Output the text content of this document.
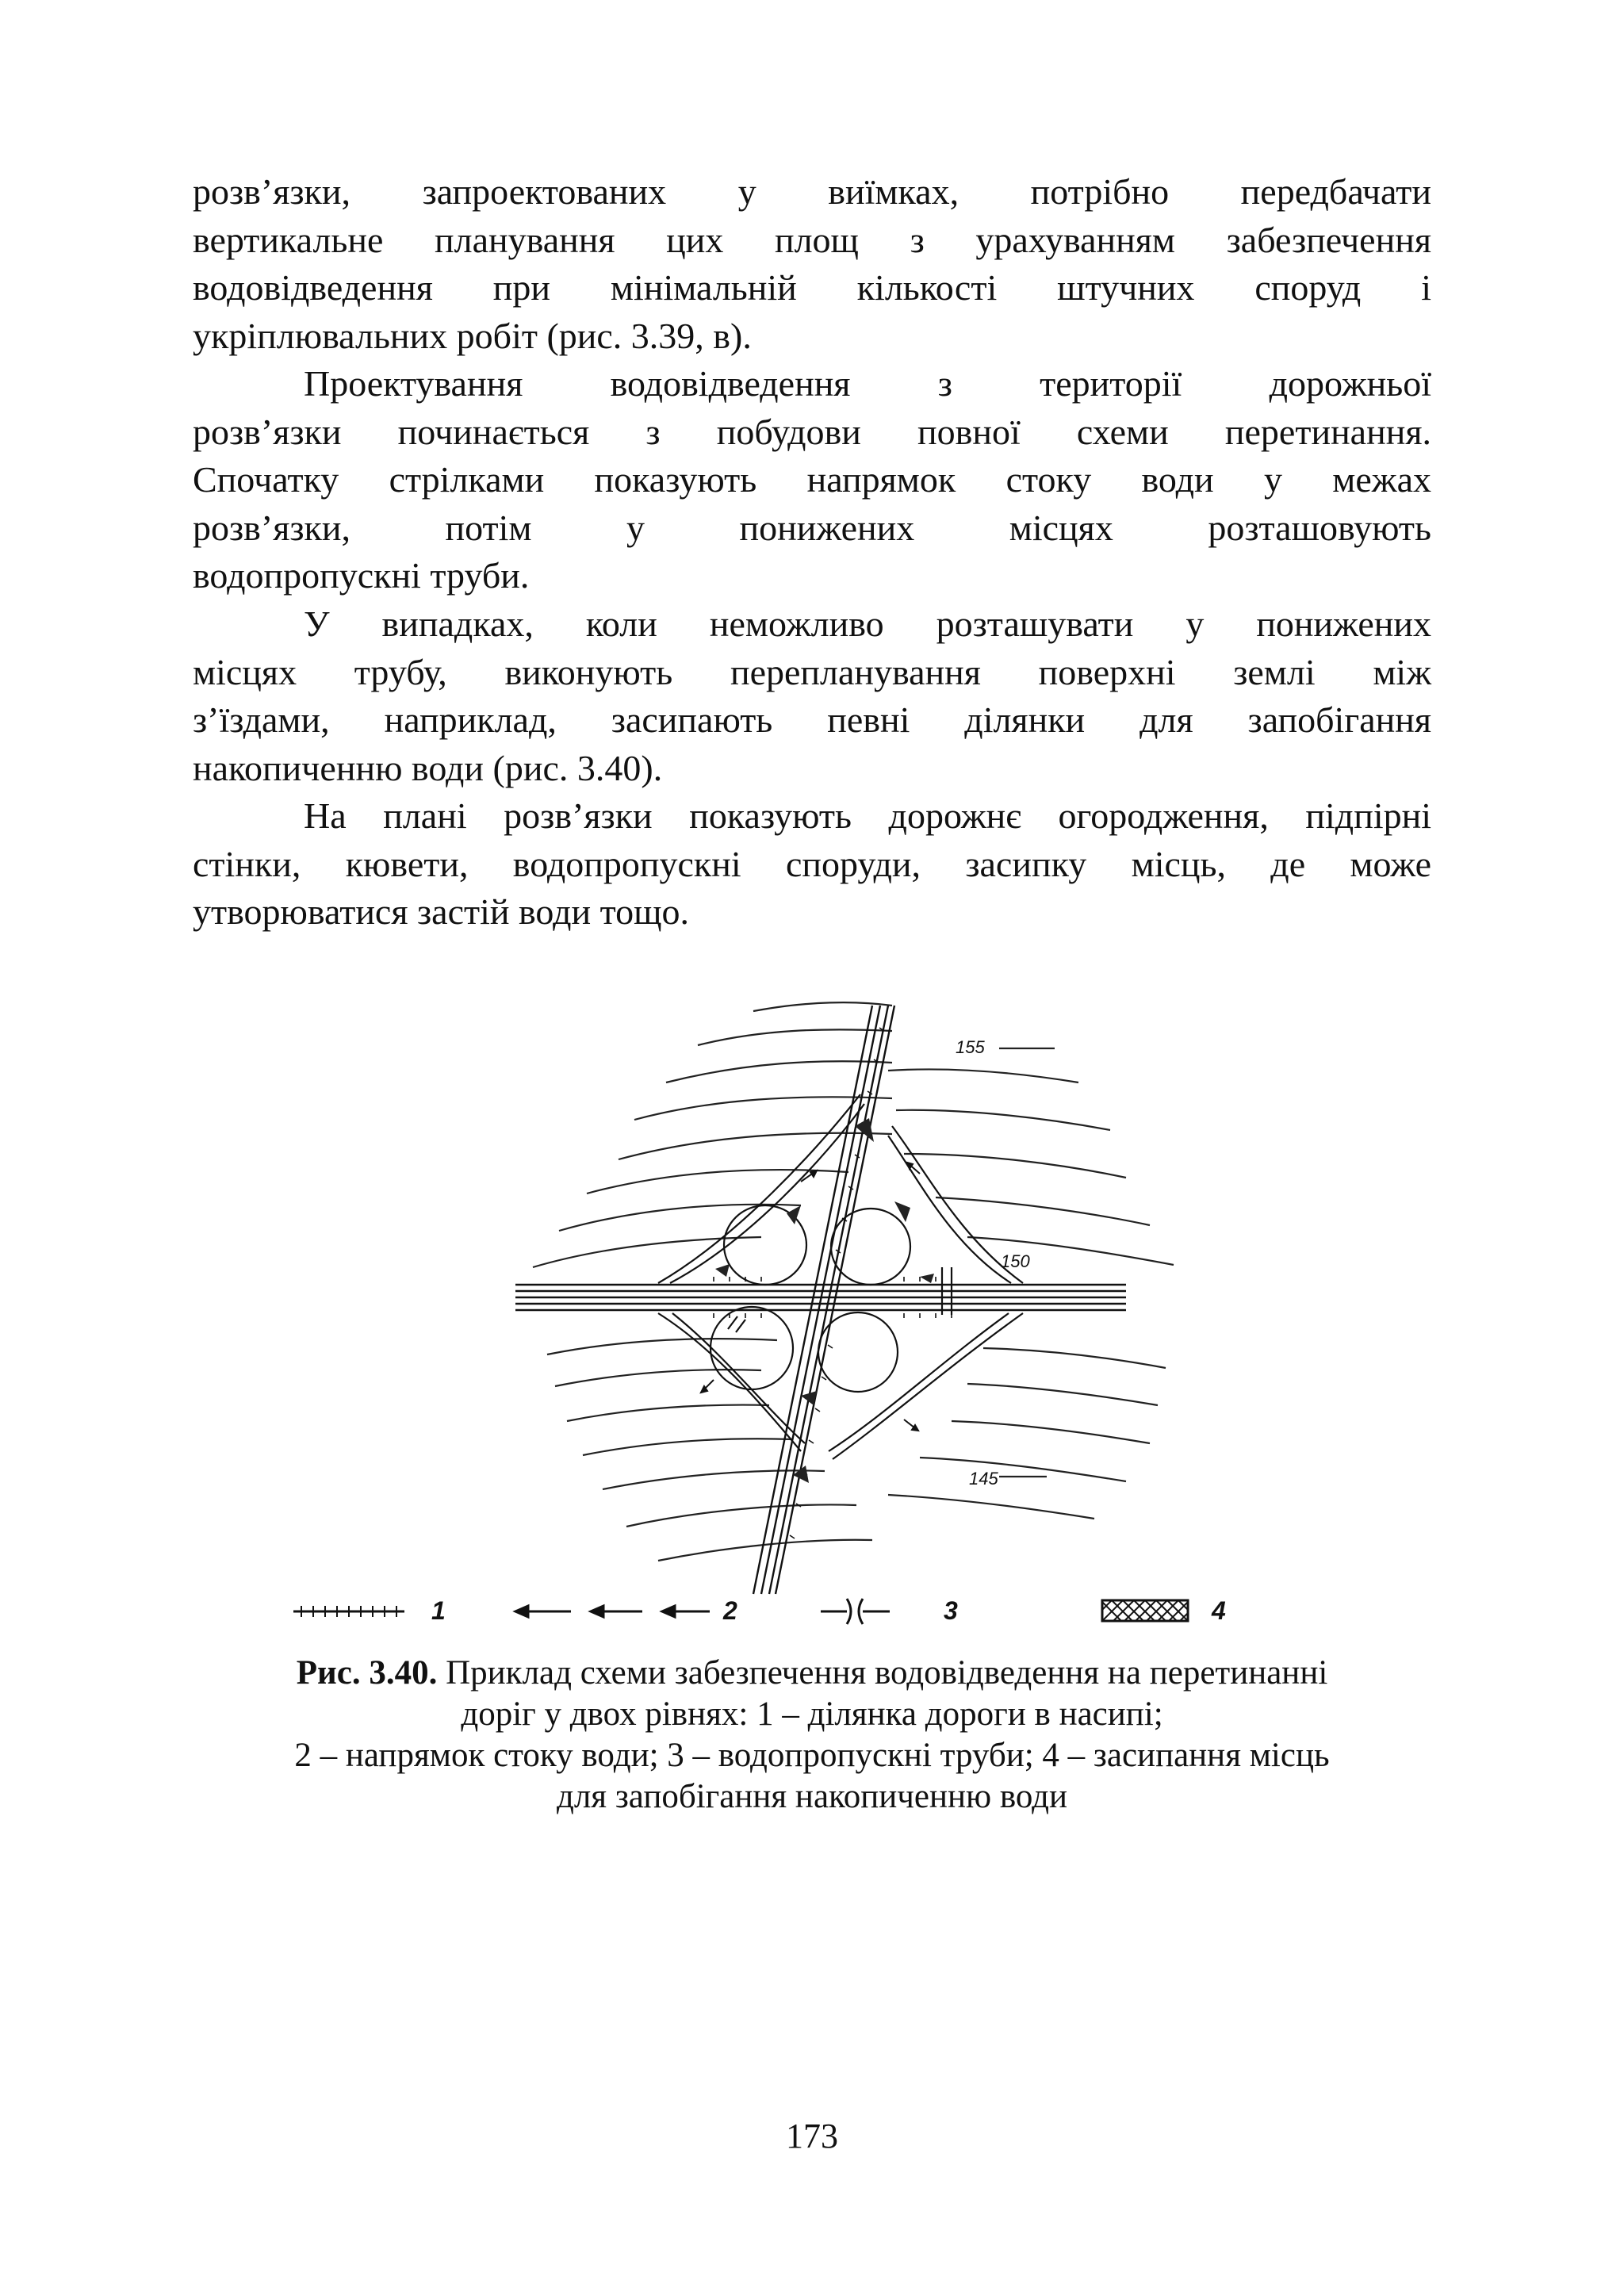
розв’язки, запроектованих у виїмках, потрібно передбачати
вертикальне планування цих площ з урахуванням забезпечення
водовідведення при мінімальній кількості штучних споруд і
укріплювальних робіт (рис. 3.39, в).
Проектування водовідведення з території дорожньої
розв’язки починається з побудови повної схеми перетинання.
Спочатку стрілками показують напрямок стоку води у межах
розв’язки, потім у понижених місцях розташовують
водопропускні труби.
У випадках, коли неможливо розташувати у понижених
місцях трубу, виконують перепланування поверхні землі між
з’їздами, наприклад, засипають певні ділянки для запобігання
накопиченню води (рис. 3.40).
На плані розв’язки показують дорожнє огородження, підпірні
стінки, кювети, водопропускні споруди, засипку місць, де може
утворюватися застій води тощо.
155
150
145
1	2	3	4
Рис. 3.40. Приклад схеми забезпечення водовідведення на перетинанні
доріг у двох рівнях: 1 – ділянка дороги в насипі;
2 – напрямок стоку води; 3 – водопропускні труби; 4 – засипання місць
для запобігання накопиченню води
173
